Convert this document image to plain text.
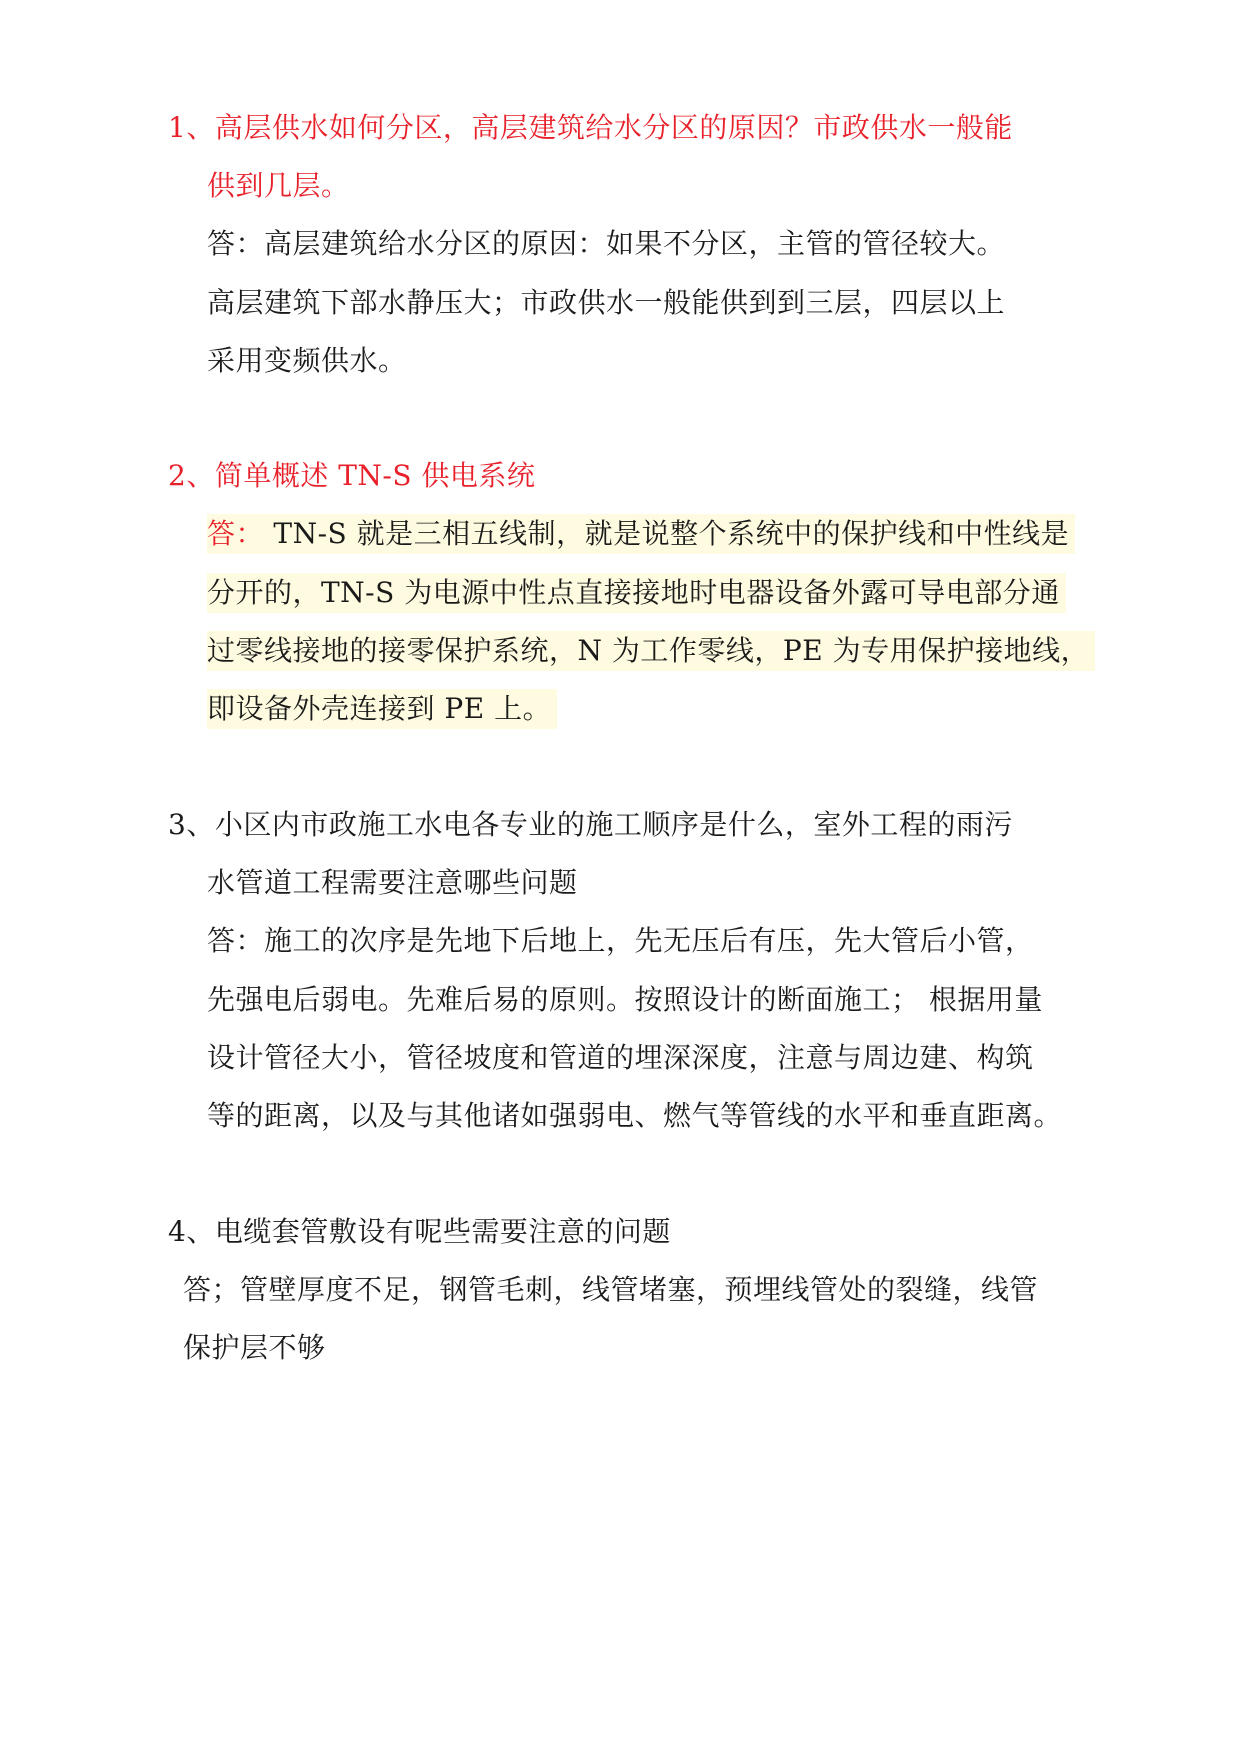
1、高层供水如何分区，高层建筑给水分区的原因？市政供水一般能
供到几层。
答：高层建筑给水分区的原因：如果不分区，主管的管径较大。
高层建筑下部水静压大；市政供水一般能供到到三层，四层以上
采用变频供水。
2、简单概述 TN-S 供电系统
答： TN-S 就是三相五线制，就是说整个系统中的保护线和中性线是
分开的，TN-S 为电源中性点直接接地时电器设备外露可导电部分通
过零线接地的接零保护系统，N 为工作零线，PE 为专用保护接地线，
即设备外壳连接到 PE 上。
3、小区内市政施工水电各专业的施工顺序是什么，室外工程的雨污
水管道工程需要注意哪些问题
答：施工的次序是先地下后地上，先无压后有压，先大管后小管，
先强电后弱电。先难后易的原则。按照设计的断面施工； 根据用量
设计管径大小，管径坡度和管道的埋深深度，注意与周边建、构筑
等的距离，以及与其他诸如强弱电、燃气等管线的水平和垂直距离。
4、电缆套管敷设有呢些需要注意的问题
答；管壁厚度不足，钢管毛刺，线管堵塞，预埋线管处的裂缝，线管
保护层不够
